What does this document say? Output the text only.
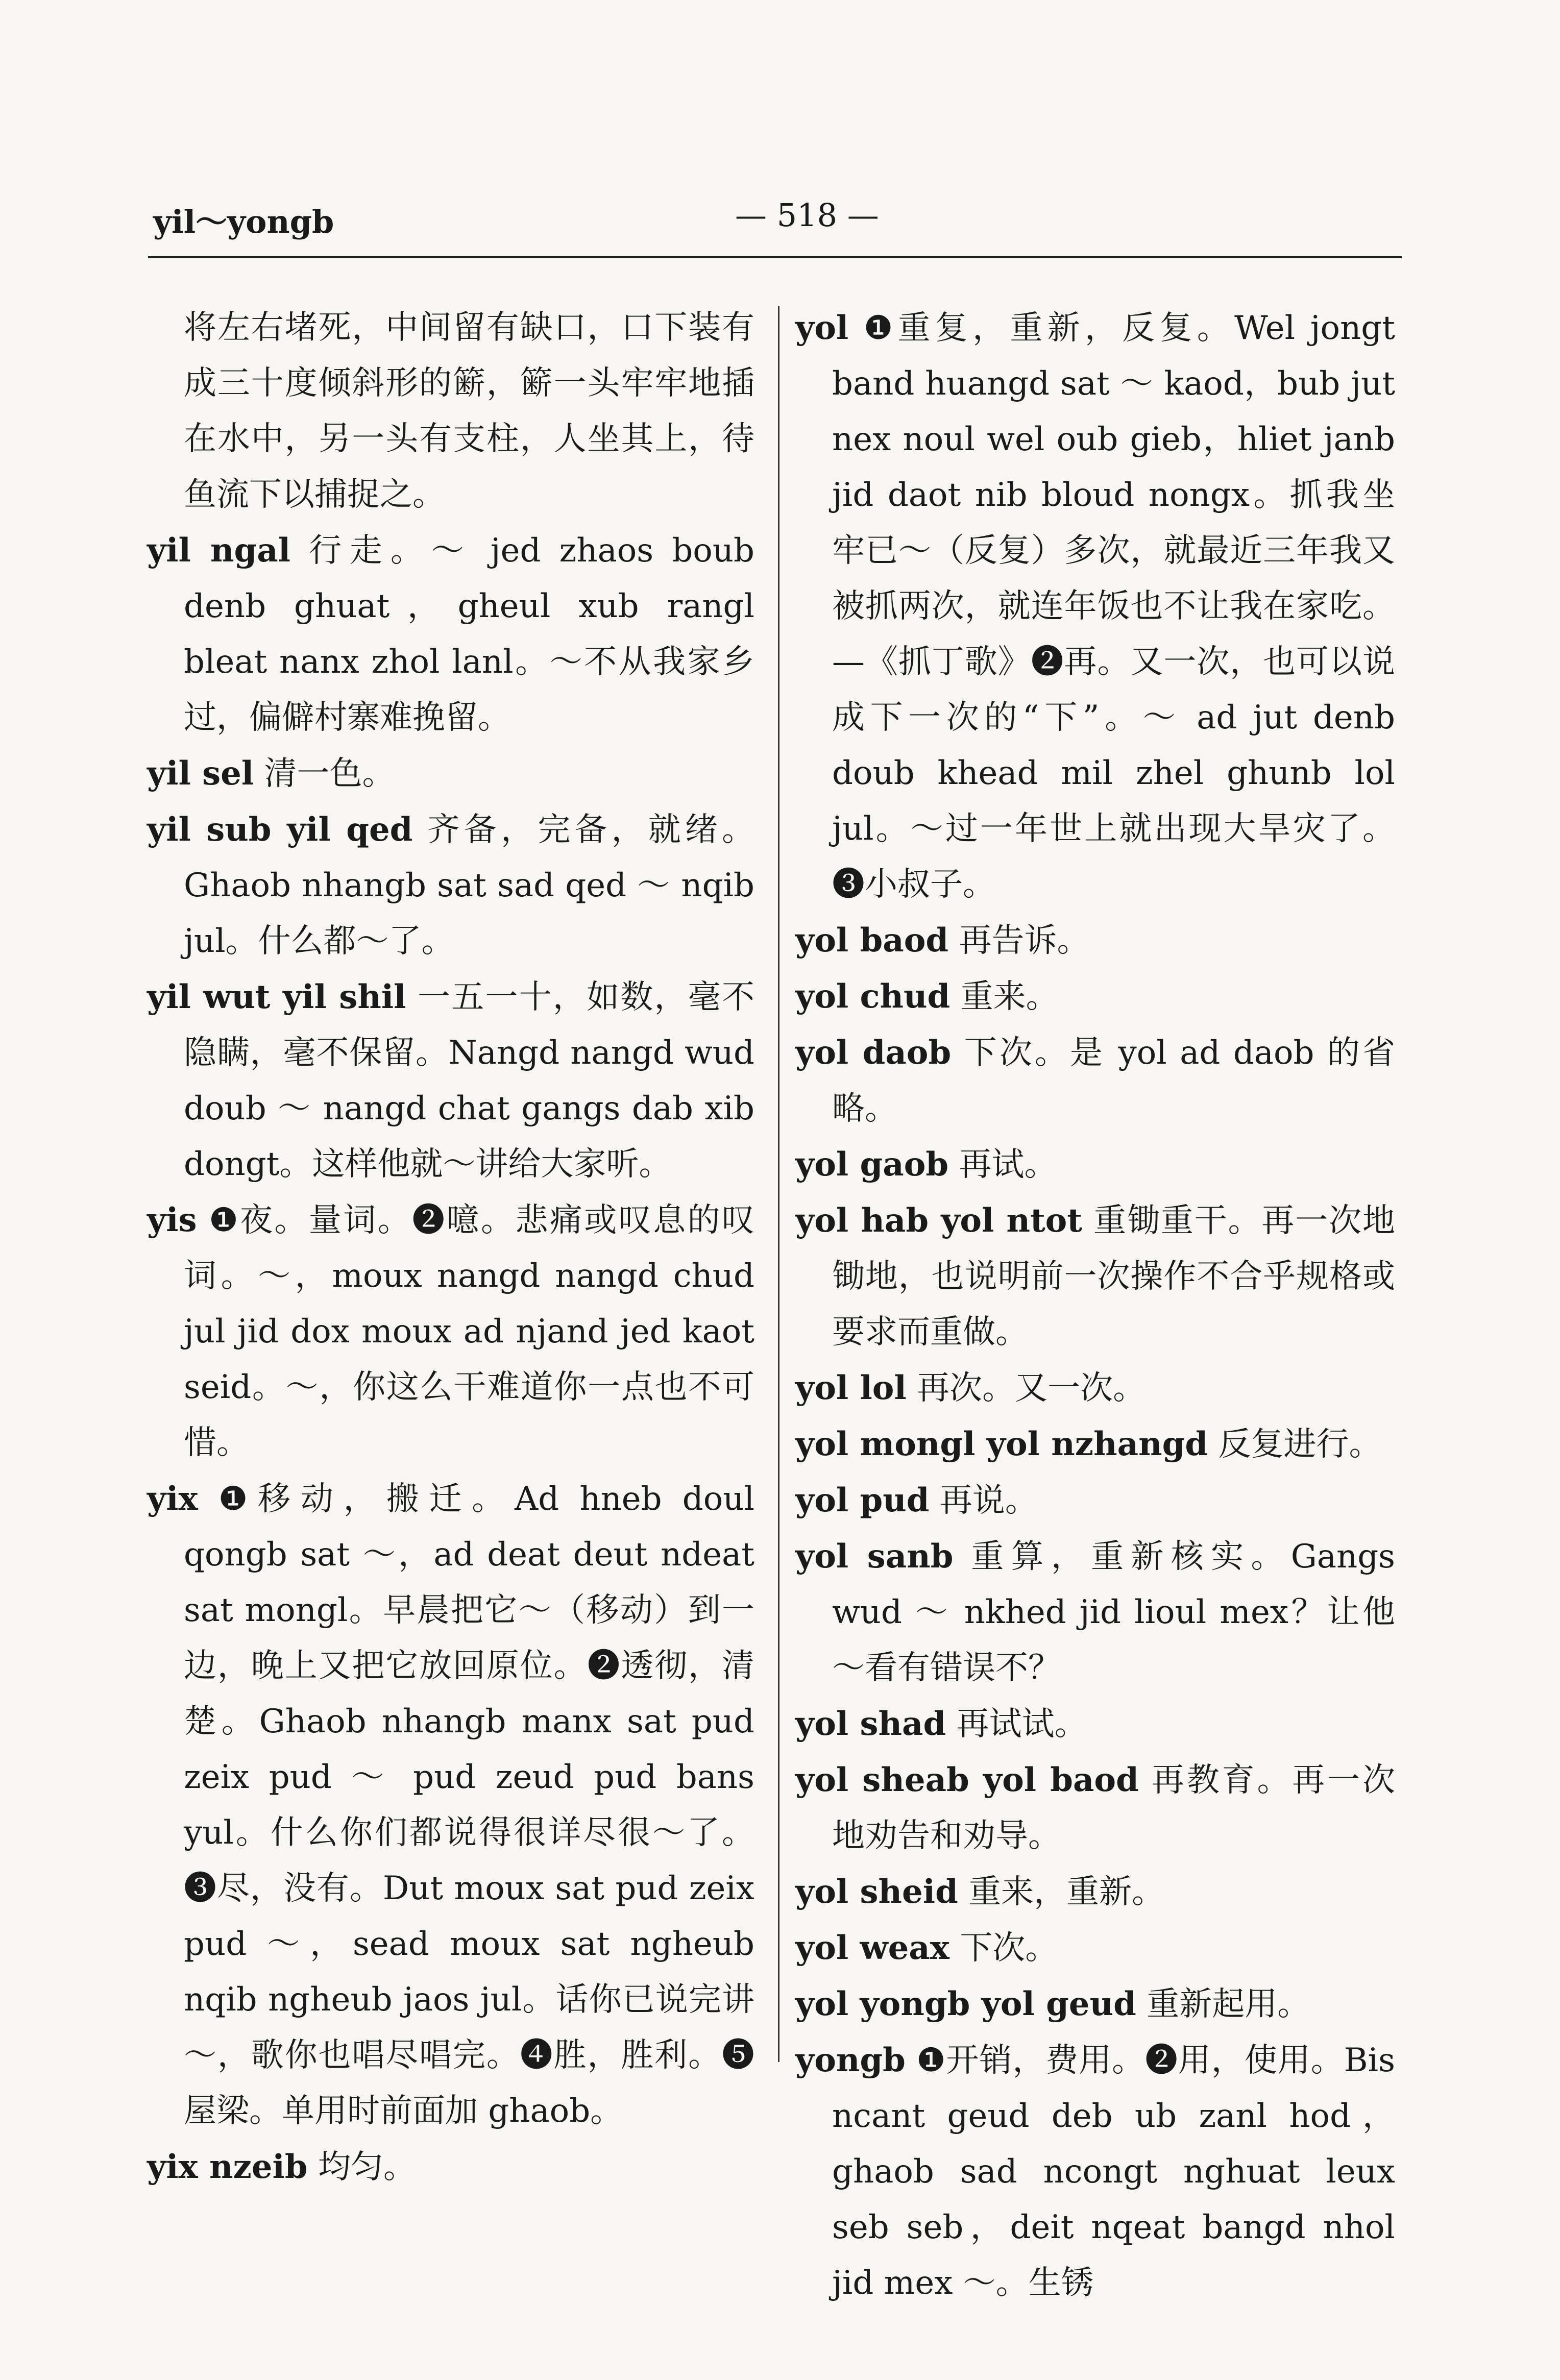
yil～yongb	— 518 —
将左右堵死，中间留有缺口，口下装有成三十度倾斜形的簖，簖一头牢牢地插在水中，另一头有支柱，人坐其上，待鱼流下以捕捉之。
yil ngal 行走。～ jed zhaos boub denb ghuat，gheul xub rangl bleat nanx zhol lanl。～不从我家乡过，偏僻村寨难挽留。
yil sel 清一色。
yil sub yil qed 齐备，完备，就绪。Ghaob nhangb sat sad qed ～ nqib jul。什么都～了。
yil wut yil shil 一五一十，如数，毫不隐瞒，毫不保留。Nangd nangd wud doub ～ nangd chat gangs dab xib dongt。这样他就～讲给大家听。
yis ❶夜。量词。❷噫。悲痛或叹息的叹词。～，moux nangd nangd chud jul jid dox moux ad njand jed kaot seid。～，你这么干难道你一点也不可惜。
yix ❶移动，搬迁。Ad hneb doul qongb sat ～，ad deat deut ndeat sat mongl。早晨把它～（移动）到一边，晚上又把它放回原位。❷透彻，清楚。Ghaob nhangb manx sat pud zeix pud ～ pud zeud pud bans yul。什么你们都说得很详尽很～了。❸尽，没有。Dut moux sat pud zeix pud ～，sead moux sat ngheub nqib ngheub jaos jul。话你已说完讲～，歌你也唱尽唱完。❹胜，胜利。❺屋梁。单用时前面加 ghaob。
yix nzeib 均匀。
yol ❶重复，重新，反复。Wel jongt band huangd sat ～ kaod，bub jut nex noul wel oub gieb，hliet janb jid daot nib bloud nongx。抓我坐牢已～（反复）多次，就最近三年我又被抓两次，就连年饭也不让我在家吃。—《抓丁歌》❷再。又一次，也可以说成下一次的“下”。～ ad jut denb doub khead mil zhel ghunb lol jul。～过一年世上就出现大旱灾了。❸小叔子。
yol baod 再告诉。
yol chud 重来。
yol daob 下次。是 yol ad daob 的省略。
yol gaob 再试。
yol hab yol ntot 重锄重干。再一次地锄地，也说明前一次操作不合乎规格或要求而重做。
yol lol 再次。又一次。
yol mongl yol nzhangd 反复进行。
yol pud 再说。
yol sanb 重算，重新核实。Gangs wud ～ nkhed jid lioul mex？让他～看有错误不？
yol shad 再试试。
yol sheab yol baod 再教育。再一次地劝告和劝导。
yol sheid 重来，重新。
yol weax 下次。
yol yongb yol geud 重新起用。
yongb ❶开销，费用。❷用，使用。Bis ncant geud deb ub zanl hod，ghaob sad ncongt nghuat leux seb seb，deit nqeat bangd nhol jid mex ～。生锈
